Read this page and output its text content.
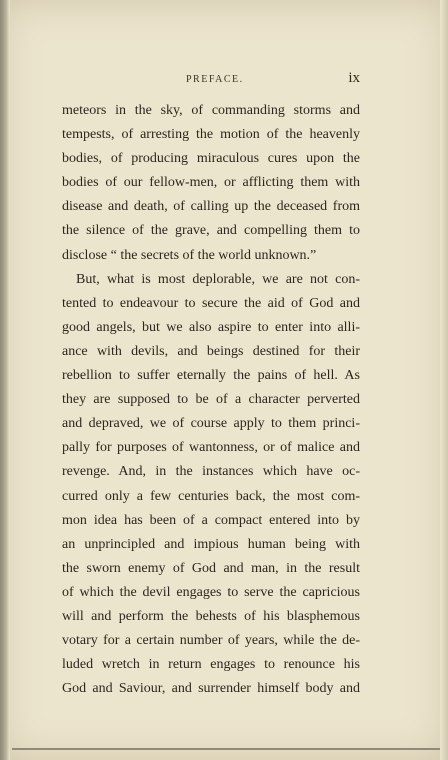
PREFACE.	ix
meteors in the sky, of commanding storms and
tempests, of arresting the motion of the heavenly
bodies, of producing miraculous cures upon the
bodies of our fellow-men, or afflicting them with
disease and death, of calling up the deceased from
the silence of the grave, and compelling them to
disclose “ the secrets of the world unknown.”
But, what is most deplorable, we are not con-
tented to endeavour to secure the aid of God and
good angels, but we also aspire to enter into alli-
ance with devils, and beings destined for their
rebellion to suffer eternally the pains of hell. As
they are supposed to be of a character perverted
and depraved, we of course apply to them princi-
pally for purposes of wantonness, or of malice and
revenge. And, in the instances which have oc-
curred only a few centuries back, the most com-
mon idea has been of a compact entered into by
an unprincipled and impious human being with
the sworn enemy of God and man, in the result
of which the devil engages to serve the capricious
will and perform the behests of his blasphemous
votary for a certain number of years, while the de-
luded wretch in return engages to renounce his
God and Saviour, and surrender himself body and
